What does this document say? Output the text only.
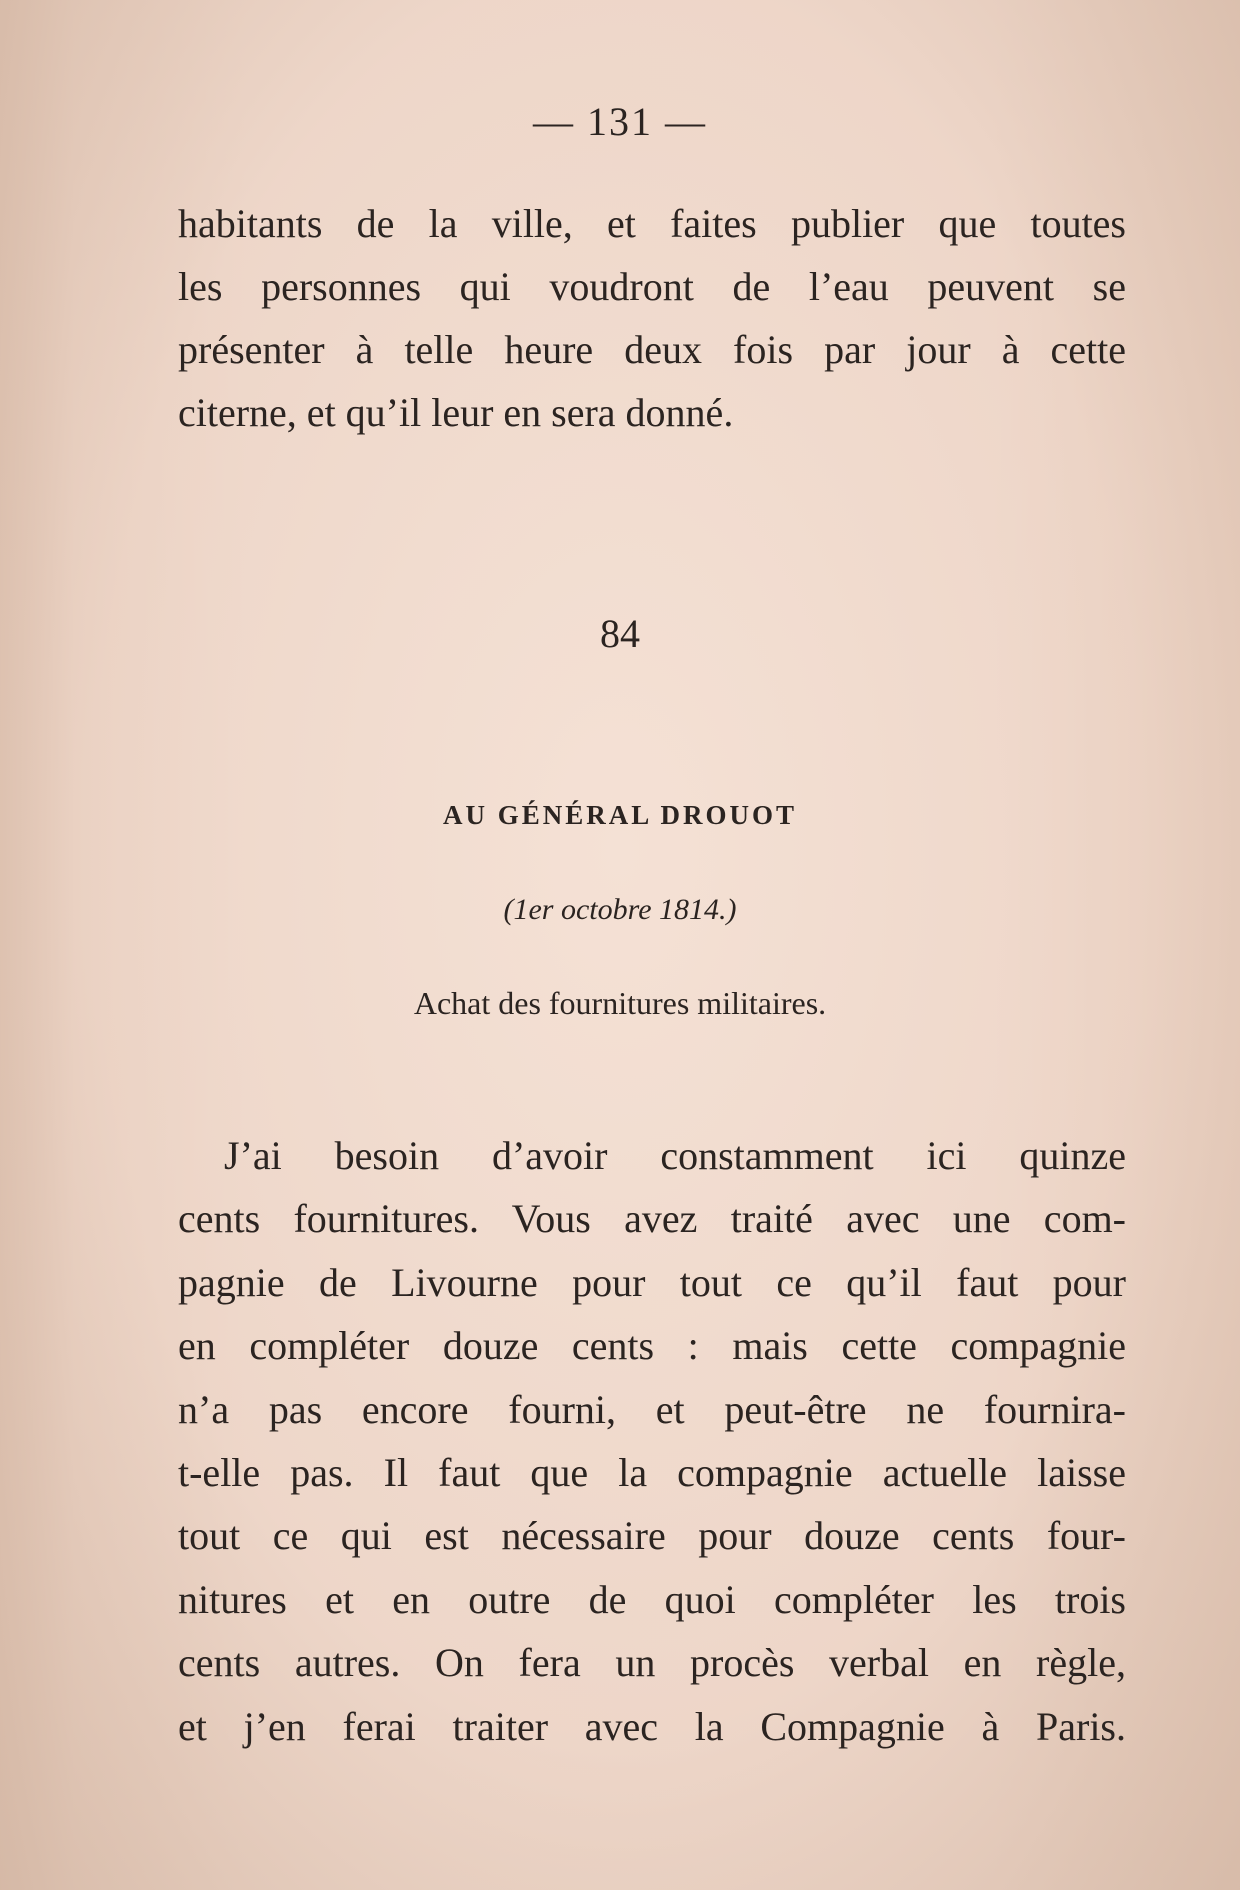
— 131 —
habitants de la ville, et faites publier que toutes
les personnes qui voudront de l’eau peuvent se
présenter à telle heure deux fois par jour à cette
citerne, et qu’il leur en sera donné.
84
AU GÉNÉRAL DROUOT
(1er octobre 1814.)
Achat des fournitures militaires.
J’ai besoin d’avoir constamment ici quinze
cents fournitures. Vous avez traité avec une com-
pagnie de Livourne pour tout ce qu’il faut pour
en compléter douze cents : mais cette compagnie
n’a pas encore fourni, et peut-être ne fournira-
t-elle pas. Il faut que la compagnie actuelle laisse
tout ce qui est nécessaire pour douze cents four-
nitures et en outre de quoi compléter les trois
cents autres. On fera un procès verbal en règle,
et j’en ferai traiter avec la Compagnie à Paris.
